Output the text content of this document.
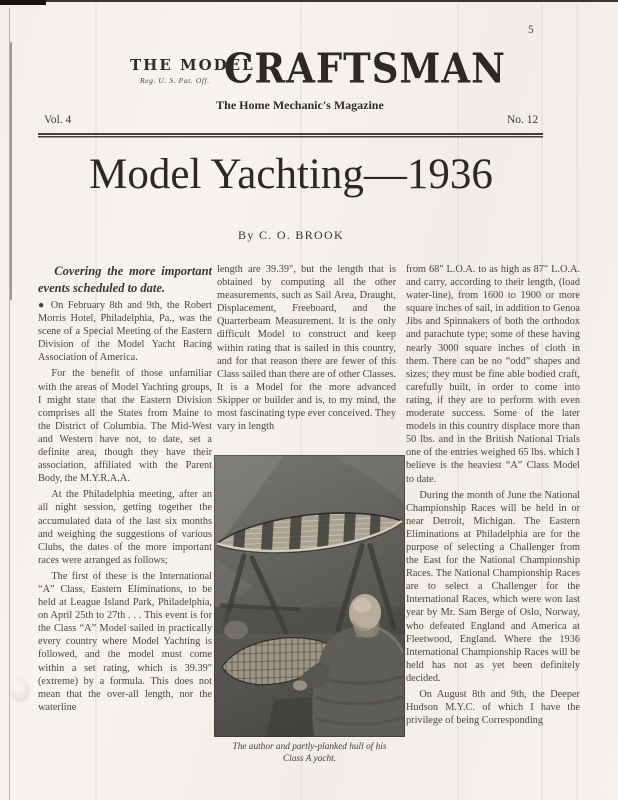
5
THE MODEL
Reg. U. S. Pat. Off. CRAFTSMAN
The Home Mechanic's Magazine
Vol. 4	No. 12
Model Yachting—1936
By C. O. BROOK

Covering the more important events scheduled to date.

● On February 8th and 9th, the Robert Morris Hotel, Philadelphia, Pa., was the scene of a Special Meeting of the Eastern Division of the Model Yacht Racing Association of America.

For the benefit of those unfamiliar with the areas of Model Yachting groups, I might state that the Eastern Division comprises all the States from Maine to the District of Columbia. The Mid-West and Western have not, to date, set a definite area, though they have their association, affiliated with the Parent Body, the M.Y.R.A.A.

At the Philadelphia meeting, after an all night session, getting together the accumulated data of the last six months and weighing the suggestions of various Clubs, the dates of the more important races were arranged as follows;

The first of these is the International “A” Class, Eastern Eliminations, to be held at League Island Park, Philadelphia, on April 25th to 27th . . . This event is for the Class “A” Model sailed in practically every country where Model Yachting is followed, and the model must come within a set rating, which is 39.39" (extreme) by a formula. This does not mean that the over-all length, nor the waterline

length are 39.39", but the length that is obtained by computing all the other measurements, such as Sail Area, Draught, Displacement, Freeboard, and the Quarterbeam Measurement. It is the only difficult Model to construct and keep within rating that is sailed in this country, and for that reason there are fewer of this Class sailed than there are of other Classes. It is a Model for the more advanced Skipper or builder and is, to my mind, the most fascinating type ever conceived. They vary in length

from 68" L.O.A. to as high as 87" L.O.A. and carry, according to their length, (load water-line), from 1600 to 1900 or more square inches of sail, in addition to Genoa Jibs and Spinnakers of both the orthodox and parachute type; some of these having nearly 3000 square inches of cloth in them. There can be no “odd” shapes and sizes; they must be fine able bodied craft, carefully built, in order to come into rating, if they are to perform with even moderate success. Some of the later models in this country displace more than 50 lbs. and in the British National Trials one of the entries weighed 65 lbs. which I believe is the heaviest “A” Class Model to date.

During the month of June the National Championship Races will be held in or near Detroit, Michigan. The Eastern Eliminations at Philadelphia are for the purpose of selecting a Challenger from the East for the National Championship Races. The National Championship Races are to select a Challenger for the International Races, which were won last year by Mr. Sam Berge of Oslo, Norway, who defeated England and America at Fleetwood, England. Where the 1936 International Championship Races will be held has not as yet been definitely decided.

On August 8th and 9th, the Deeper Hudson M.Y.C. of which I have the privilege of being Corresponding

The author and partly-planked hull of his
Class A yacht.
